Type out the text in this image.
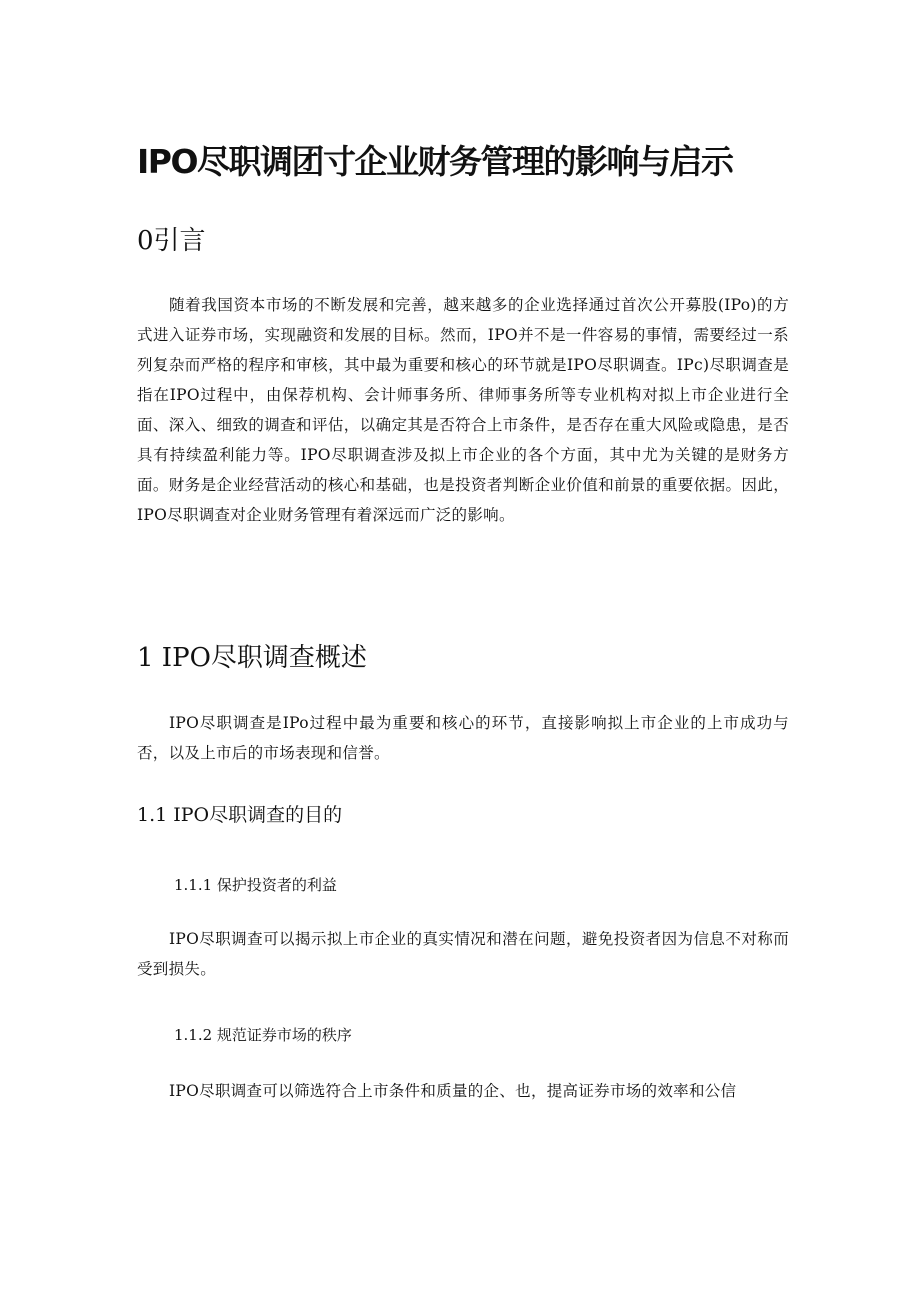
IPO尽职调团寸企业财务管理的影响与启示
0引言

随着我国资本市场的不断发展和完善，越来越多的企业选择通过首次公开募股(IPo)的方式进入证券市场，实现融资和发展的目标。然而，IPO并不是一件容易的事情，需要经过一系列复杂而严格的程序和审核，其中最为重要和核心的环节就是IPO尽职调查。IPc)尽职调查是指在IPO过程中，由保荐机构、会计师事务所、律师事务所等专业机构对拟上市企业进行全面、深入、细致的调查和评估，以确定其是否符合上市条件，是否存在重大风险或隐患，是否具有持续盈利能力等。IPO尽职调查涉及拟上市企业的各个方面，其中尤为关键的是财务方面。财务是企业经营活动的核心和基础，也是投资者判断企业价值和前景的重要依据。因此，IPO尽职调查对企业财务管理有着深远而广泛的影响。

1 IPO尽职调查概述

IPO尽职调查是IPo过程中最为重要和核心的环节，直接影响拟上市企业的上市成功与否，以及上市后的市场表现和信誉。

1.1 IPO尽职调查的目的
1.1.1 保护投资者的利益

IPO尽职调查可以揭示拟上市企业的真实情况和潜在问题，避免投资者因为信息不对称而受到损失。

1.1.2 规范证券市场的秩序

IPO尽职调查可以筛选符合上市条件和质量的企、也，提高证券市场的效率和公信
